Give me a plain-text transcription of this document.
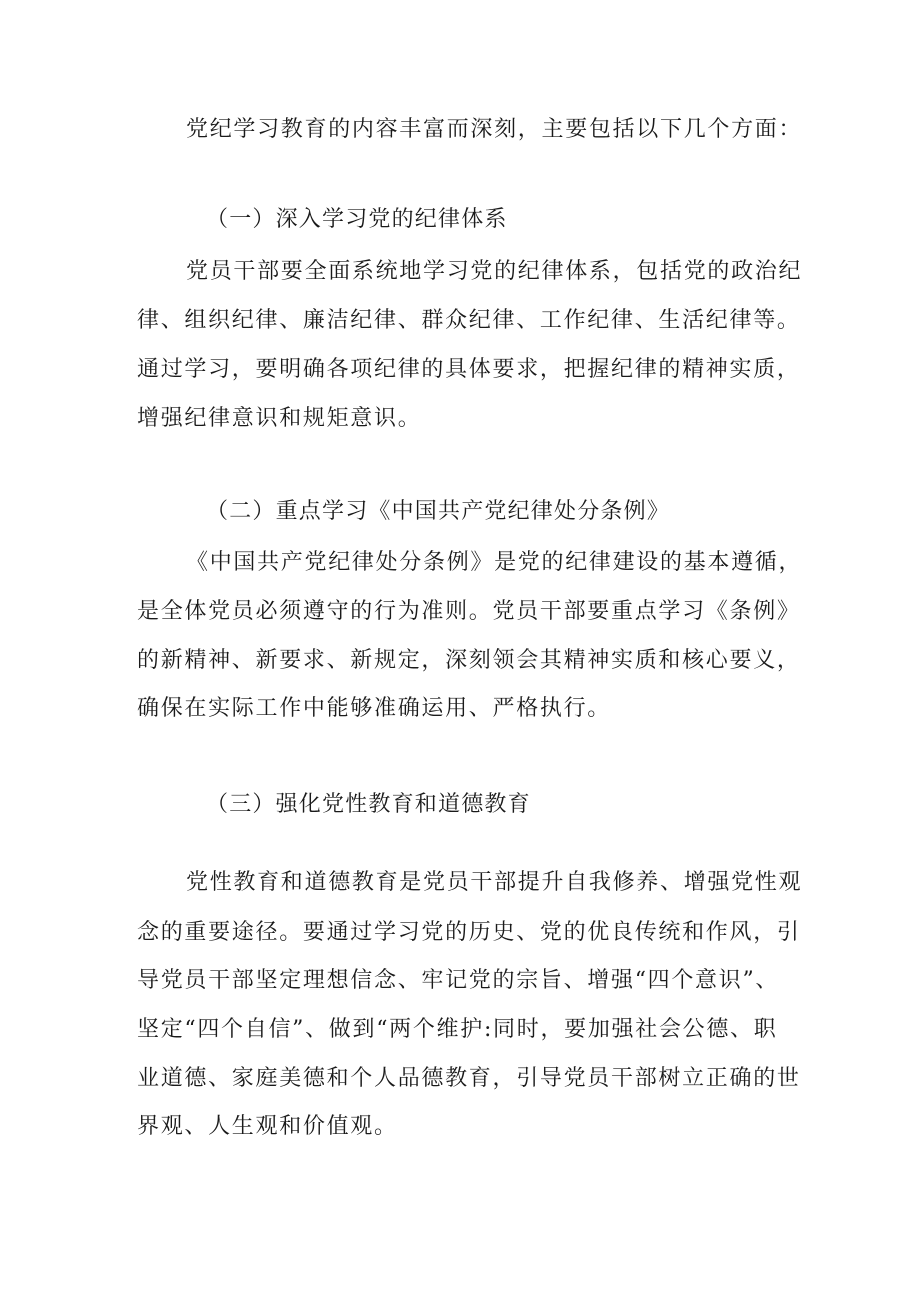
党纪学习教育的内容丰富而深刻，主要包括以下几个方面：

（一）深入学习党的纪律体系

党员干部要全面系统地学习党的纪律体系，包括党的政治纪

律、组织纪律、廉洁纪律、群众纪律、工作纪律、生活纪律等。

通过学习，要明确各项纪律的具体要求，把握纪律的精神实质，

增强纪律意识和规矩意识。

（二）重点学习《中国共产党纪律处分条例》

《中国共产党纪律处分条例》是党的纪律建设的基本遵循，

是全体党员必须遵守的行为准则。党员干部要重点学习《条例》

的新精神、新要求、新规定，深刻领会其精神实质和核心要义，

确保在实际工作中能够准确运用、严格执行。

（三）强化党性教育和道德教育

党性教育和道德教育是党员干部提升自我修养、增强党性观

念的重要途径。要通过学习党的历史、党的优良传统和作风，引

导党员干部坚定理想信念、牢记党的宗旨、增强“四个意识”、

坚定“四个自信”、做到“两个维护:同时，要加强社会公德、职

业道德、家庭美德和个人品德教育，引导党员干部树立正确的世

界观、人生观和价值观。
